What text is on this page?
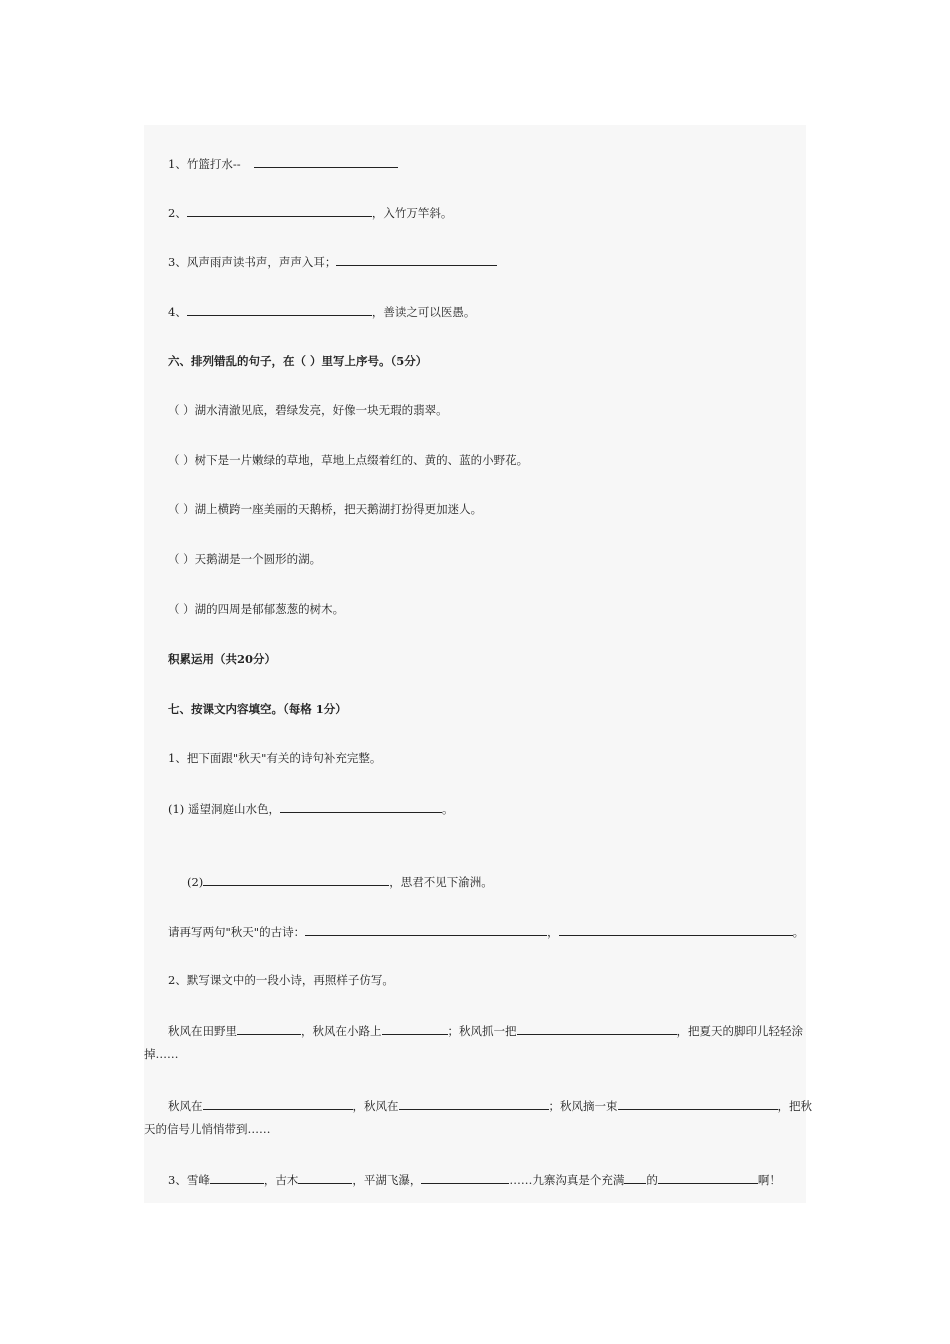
1、竹篮打水--
2、	，入竹万竿斜。
3、风声雨声读书声，声声入耳；
4、	，善读之可以医愚。
六、排列错乱的句子，在（ ）里写上序号。（5分）
（ ）湖水清澈见底，碧绿发亮，好像一块无瑕的翡翠。
（ ）树下是一片嫩绿的草地，草地上点缀着红的、黄的、蓝的小野花。
（ ）湖上横跨一座美丽的天鹅桥，把天鹅湖打扮得更加迷人。
（ ）天鹅湖是一个圆形的湖。
（ ）湖的四周是郁郁葱葱的树木。
积累运用（共20分）
七、按课文内容填空。（每格 1分）
1、把下面跟"秋天"有关的诗句补充完整。
(1) 遥望洞庭山水色，	。
(2)	，思君不见下渝洲。
请再写两句"秋天"的古诗：	，	。
2、默写课文中的一段小诗，再照样子仿写。
秋风在田野里	，秋风在小路上	；秋风抓一把	，把夏天的脚印儿轻轻涂
掉……
秋风在	，秋风在	；秋风摘一束	，把秋
天的信号儿悄悄带到……
3、雪峰	，古木	，平湖飞瀑，	……九寨沟真是个充满 的	啊！
